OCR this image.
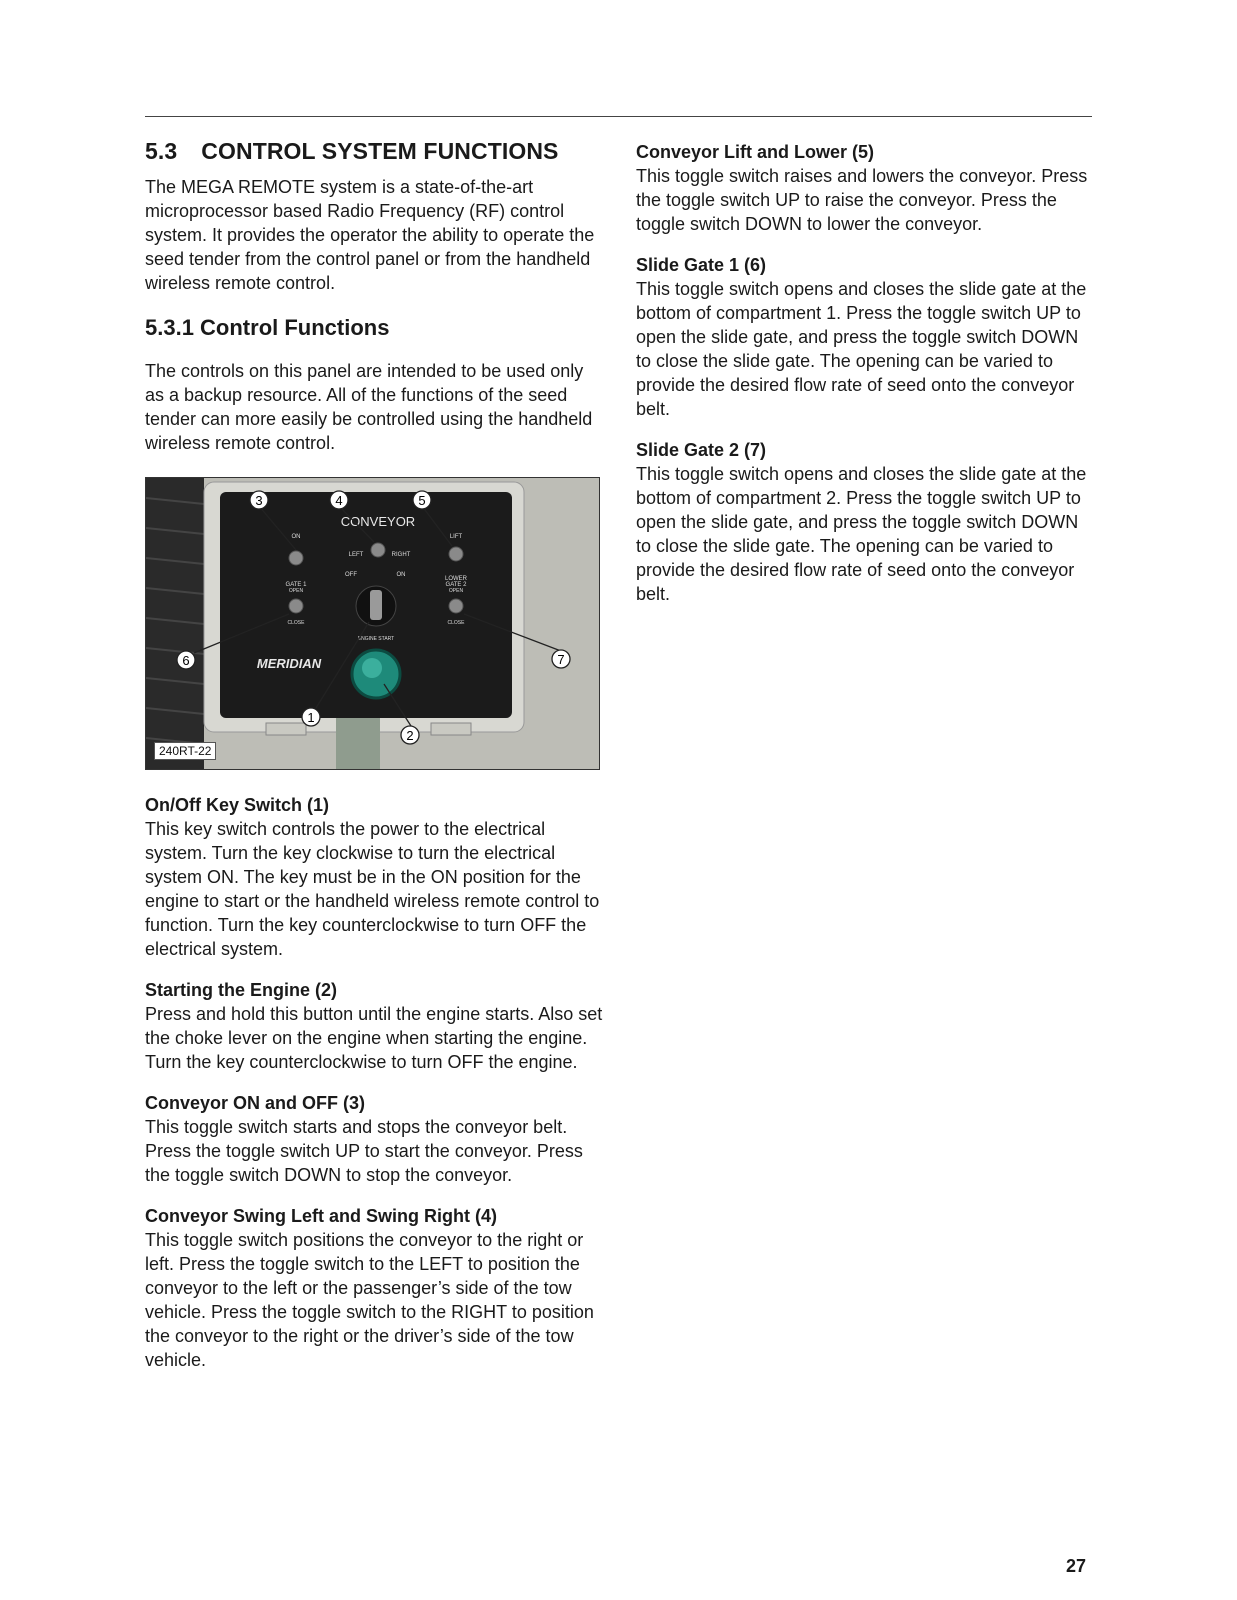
5.3 CONTROL SYSTEM FUNCTIONS

The MEGA REMOTE system is a state-of-the-art microprocessor based Radio Frequency (RF) control system. It provides the operator the ability to operate the seed tender from the control panel or from the handheld wireless remote control.

5.3.1 Control Functions

The controls on this panel are intended to be used only as a backup resource. All of the functions of the seed tender can more easily be controlled using the handheld wireless remote control.

CONVEYOR
ON
LEFT	RIGHT
LIFT
GATE 1
OPEN
LOWER
GATE 2
OPEN
OFF	ON
CLOSE	CLOSE
ENGINE START
MERIDIAN
3	4	5
6	7
1
2
240RT-22
On/Off Key Switch (1)

This key switch controls the power to the electrical system. Turn the key clockwise to turn the electrical system ON. The key must be in the ON position for the engine to start or the handheld wireless remote control to function. Turn the key counterclockwise to turn OFF the electrical system.

Starting the Engine (2)

Press and hold this button until the engine starts. Also set the choke lever on the engine when starting the engine. Turn the key counterclockwise to turn OFF the engine.

Conveyor ON and OFF (3)

This toggle switch starts and stops the conveyor belt. Press the toggle switch UP to start the conveyor. Press the toggle switch DOWN to stop the conveyor.

Conveyor Swing Left and Swing Right (4)

This toggle switch positions the conveyor to the right or left. Press the toggle switch to the LEFT to position the conveyor to the left or the passenger’s side of the tow vehicle. Press the toggle switch to the RIGHT to position the conveyor to the right or the driver’s side of the tow vehicle.

Conveyor Lift and Lower (5)

This toggle switch raises and lowers the conveyor. Press the toggle switch UP to raise the conveyor. Press the toggle switch DOWN to lower the conveyor.

Slide Gate 1 (6)

This toggle switch opens and closes the slide gate at the bottom of compartment 1. Press the toggle switch UP to open the slide gate, and press the toggle switch DOWN to close the slide gate. The opening can be varied to provide the desired flow rate of seed onto the conveyor belt.

Slide Gate 2 (7)

This toggle switch opens and closes the slide gate at the bottom of compartment 2. Press the toggle switch UP to open the slide gate, and press the toggle switch DOWN to close the slide gate. The opening can be varied to provide the desired flow rate of seed onto the conveyor belt.

27
